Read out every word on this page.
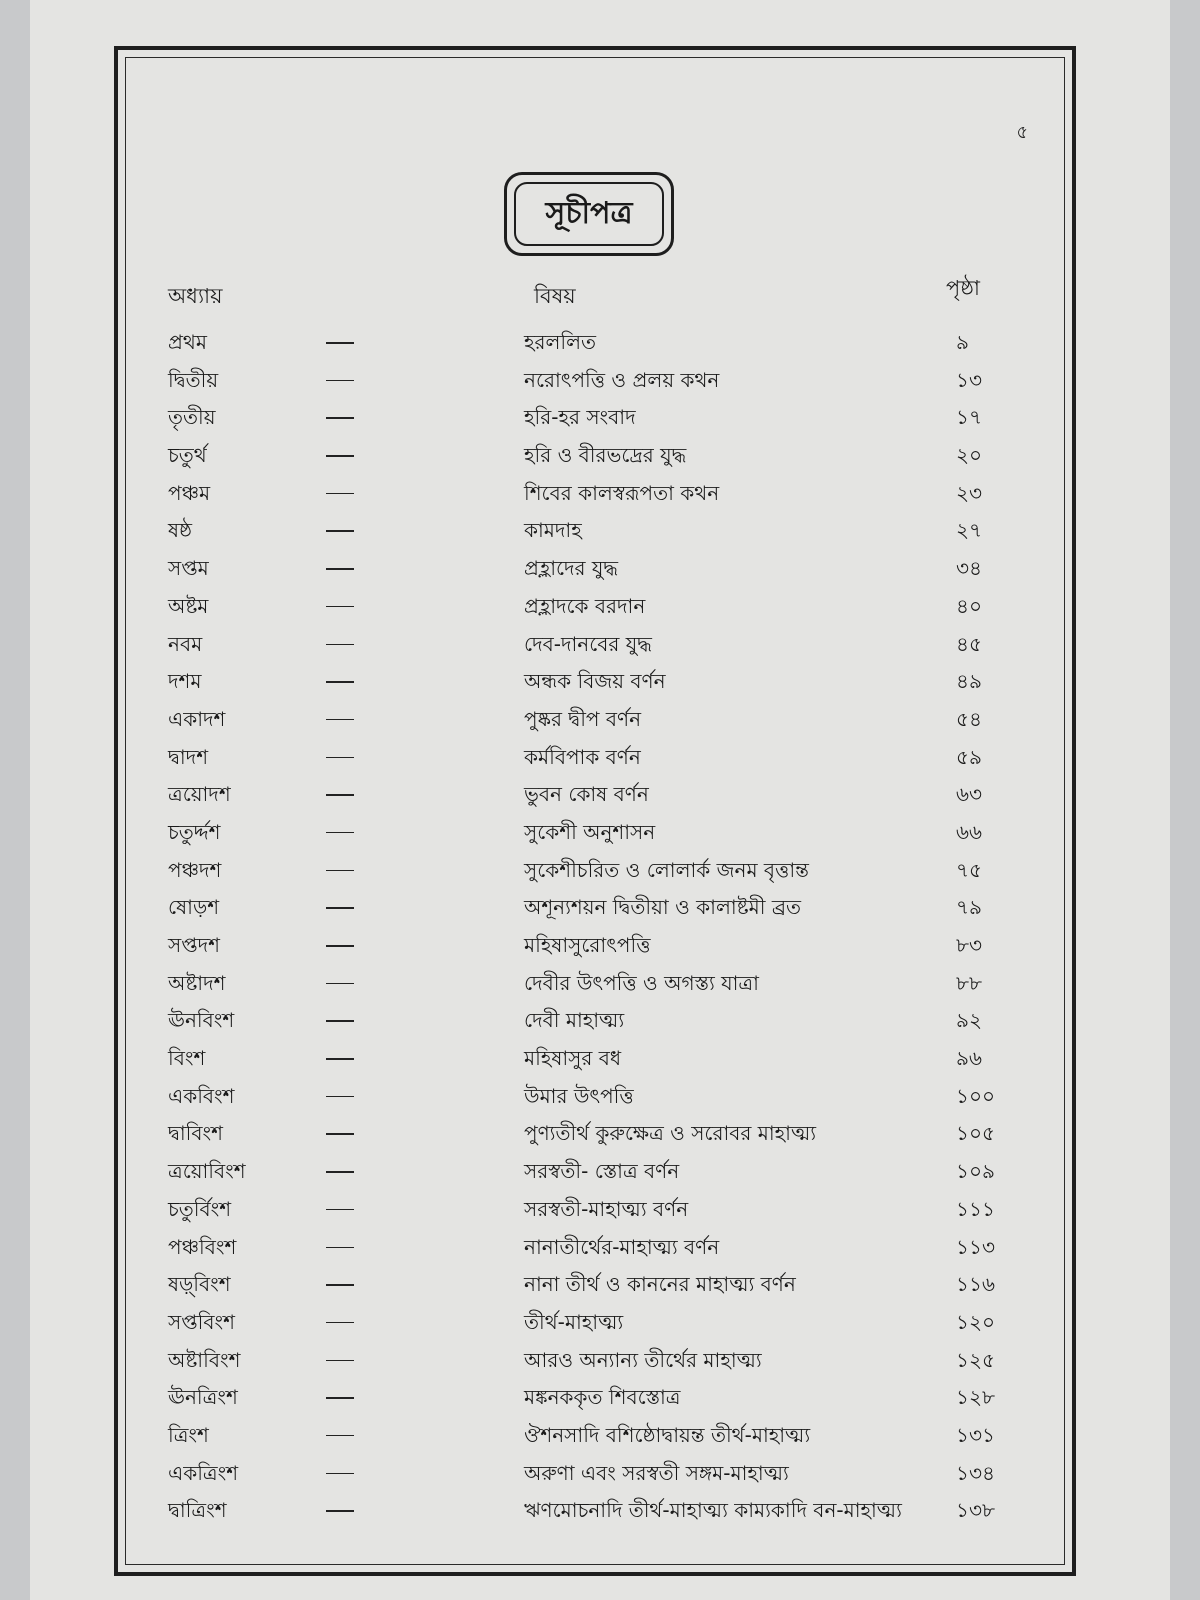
৫
সূচীপত্র
অধ্যায়	বিষয়	পৃষ্ঠা
প্রথম	হরললিত	৯
দ্বিতীয়	নরোৎপত্তি ও প্রলয় কথন	১৩
তৃতীয়	হরি-হর সংবাদ	১৭
চতুর্থ	হরি ও বীরভদ্রের যুদ্ধ	২০
পঞ্চম	শিবের কালস্বরূপতা কথন	২৩
ষষ্ঠ	কামদাহ	২৭
সপ্তম	প্রহ্লাদের যুদ্ধ	৩৪
অষ্টম	প্রহ্লাদকে বরদান	৪০
নবম	দেব-দানবের যুদ্ধ	৪৫
দশম	অন্ধক বিজয় বর্ণন	৪৯
একাদশ	পুষ্কর দ্বীপ বর্ণন	৫৪
দ্বাদশ	কর্মবিপাক বর্ণন	৫৯
ত্রয়োদশ	ভুবন কোষ বর্ণন	৬৩
চতুর্দ্দশ	সুকেশী অনুশাসন	৬৬
পঞ্চদশ	সুকেশীচরিত ও লোলার্ক জনম বৃত্তান্ত	৭৫
ষোড়শ	অশূন্যশয়ন দ্বিতীয়া ও কালাষ্টমী ব্রত	৭৯
সপ্তদশ	মহিষাসুরোৎপত্তি	৮৩
অষ্টাদশ	দেবীর উৎপত্তি ও অগস্ত্য যাত্রা	৮৮
ঊনবিংশ	দেবী মাহাত্ম্য	৯২
বিংশ	মহিষাসুর বধ	৯৬
একবিংশ	উমার উৎপত্তি	১০০
দ্বাবিংশ	পুণ্যতীর্থ কুরুক্ষেত্র ও সরোবর মাহাত্ম্য	১০৫
ত্রয়োবিংশ	সরস্বতী- স্তোত্র বর্ণন	১০৯
চতুর্বিংশ	সরস্বতী-মাহাত্ম্য বর্ণন	১১১
পঞ্চবিংশ	নানাতীর্থের-মাহাত্ম্য বর্ণন	১১৩
ষড়্‌বিংশ	নানা তীর্থ ও কাননের মাহাত্ম্য বর্ণন	১১৬
সপ্তবিংশ	তীর্থ-মাহাত্ম্য	১২০
অষ্টাবিংশ	আরও অন্যান্য তীর্থের মাহাত্ম্য	১২৫
ঊনত্রিংশ	মঙ্কনককৃত শিবস্তোত্র	১২৮
ত্রিংশ	ঔশনসাদি বশিষ্ঠোদ্বায়ন্ত তীর্থ-মাহাত্ম্য	১৩১
একত্রিংশ	অরুণা এবং সরস্বতী সঙ্গম-মাহাত্ম্য	১৩৪
দ্বাত্রিংশ	ঋণমোচনাদি তীর্থ-মাহাত্ম্য কাম্যকাদি বন-মাহাত্ম্য	১৩৮
